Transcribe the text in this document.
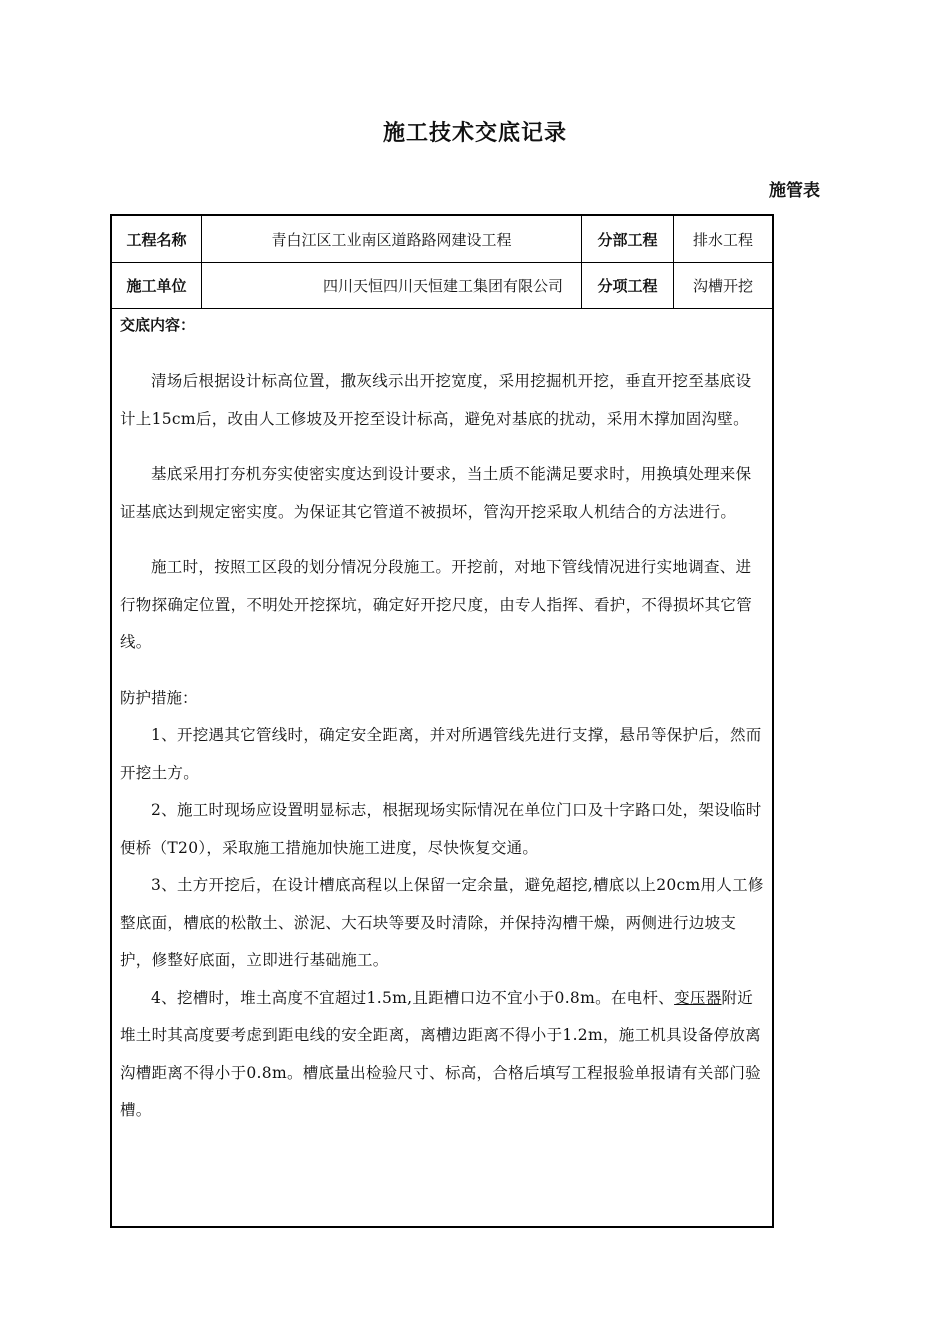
施工技术交底记录
施管表
工程名称	青白江区工业南区道路路网建设工程	分部工程	排水工程
施工单位	四川天恒四川天恒建工集团有限公司	分项工程	沟槽开挖

交底内容：

清场后根据设计标高位置，撒灰线示出开挖宽度，采用挖掘机开挖，垂直开挖至基底设计上15cm后，改由人工修坡及开挖至设计标高，避免对基底的扰动，采用木撑加固沟壁。

基底采用打夯机夯实使密实度达到设计要求，当土质不能满足要求时，用换填处理来保证基底达到规定密实度。为保证其它管道不被损坏，管沟开挖采取人机结合的方法进行。

施工时，按照工区段的划分情况分段施工。开挖前，对地下管线情况进行实地调查、进行物探确定位置，不明处开挖探坑，确定好开挖尺度，由专人指挥、看护，不得损坏其它管线。

防护措施：

1、开挖遇其它管线时，确定安全距离，并对所遇管线先进行支撑，悬吊等保护后，然而开挖土方。

2、施工时现场应设置明显标志，根据现场实际情况在单位门口及十字路口处，架设临时便桥（T20），采取施工措施加快施工进度，尽快恢复交通。

3、土方开挖后，在设计槽底高程以上保留一定余量，避免超挖,槽底以上20cm用人工修整底面，槽底的松散土、淤泥、大石块等要及时清除，并保持沟槽干燥，两侧进行边坡支护，修整好底面，立即进行基础施工。

4、挖槽时，堆土高度不宜超过1.5m,且距槽口边不宜小于0.8m。在电杆、变压器附近堆土时其高度要考虑到距电线的安全距离，离槽边距离不得小于1.2m，施工机具设备停放离沟槽距离不得小于0.8m。槽底量出检验尺寸、标高，合格后填写工程报验单报请有关部门验槽。
